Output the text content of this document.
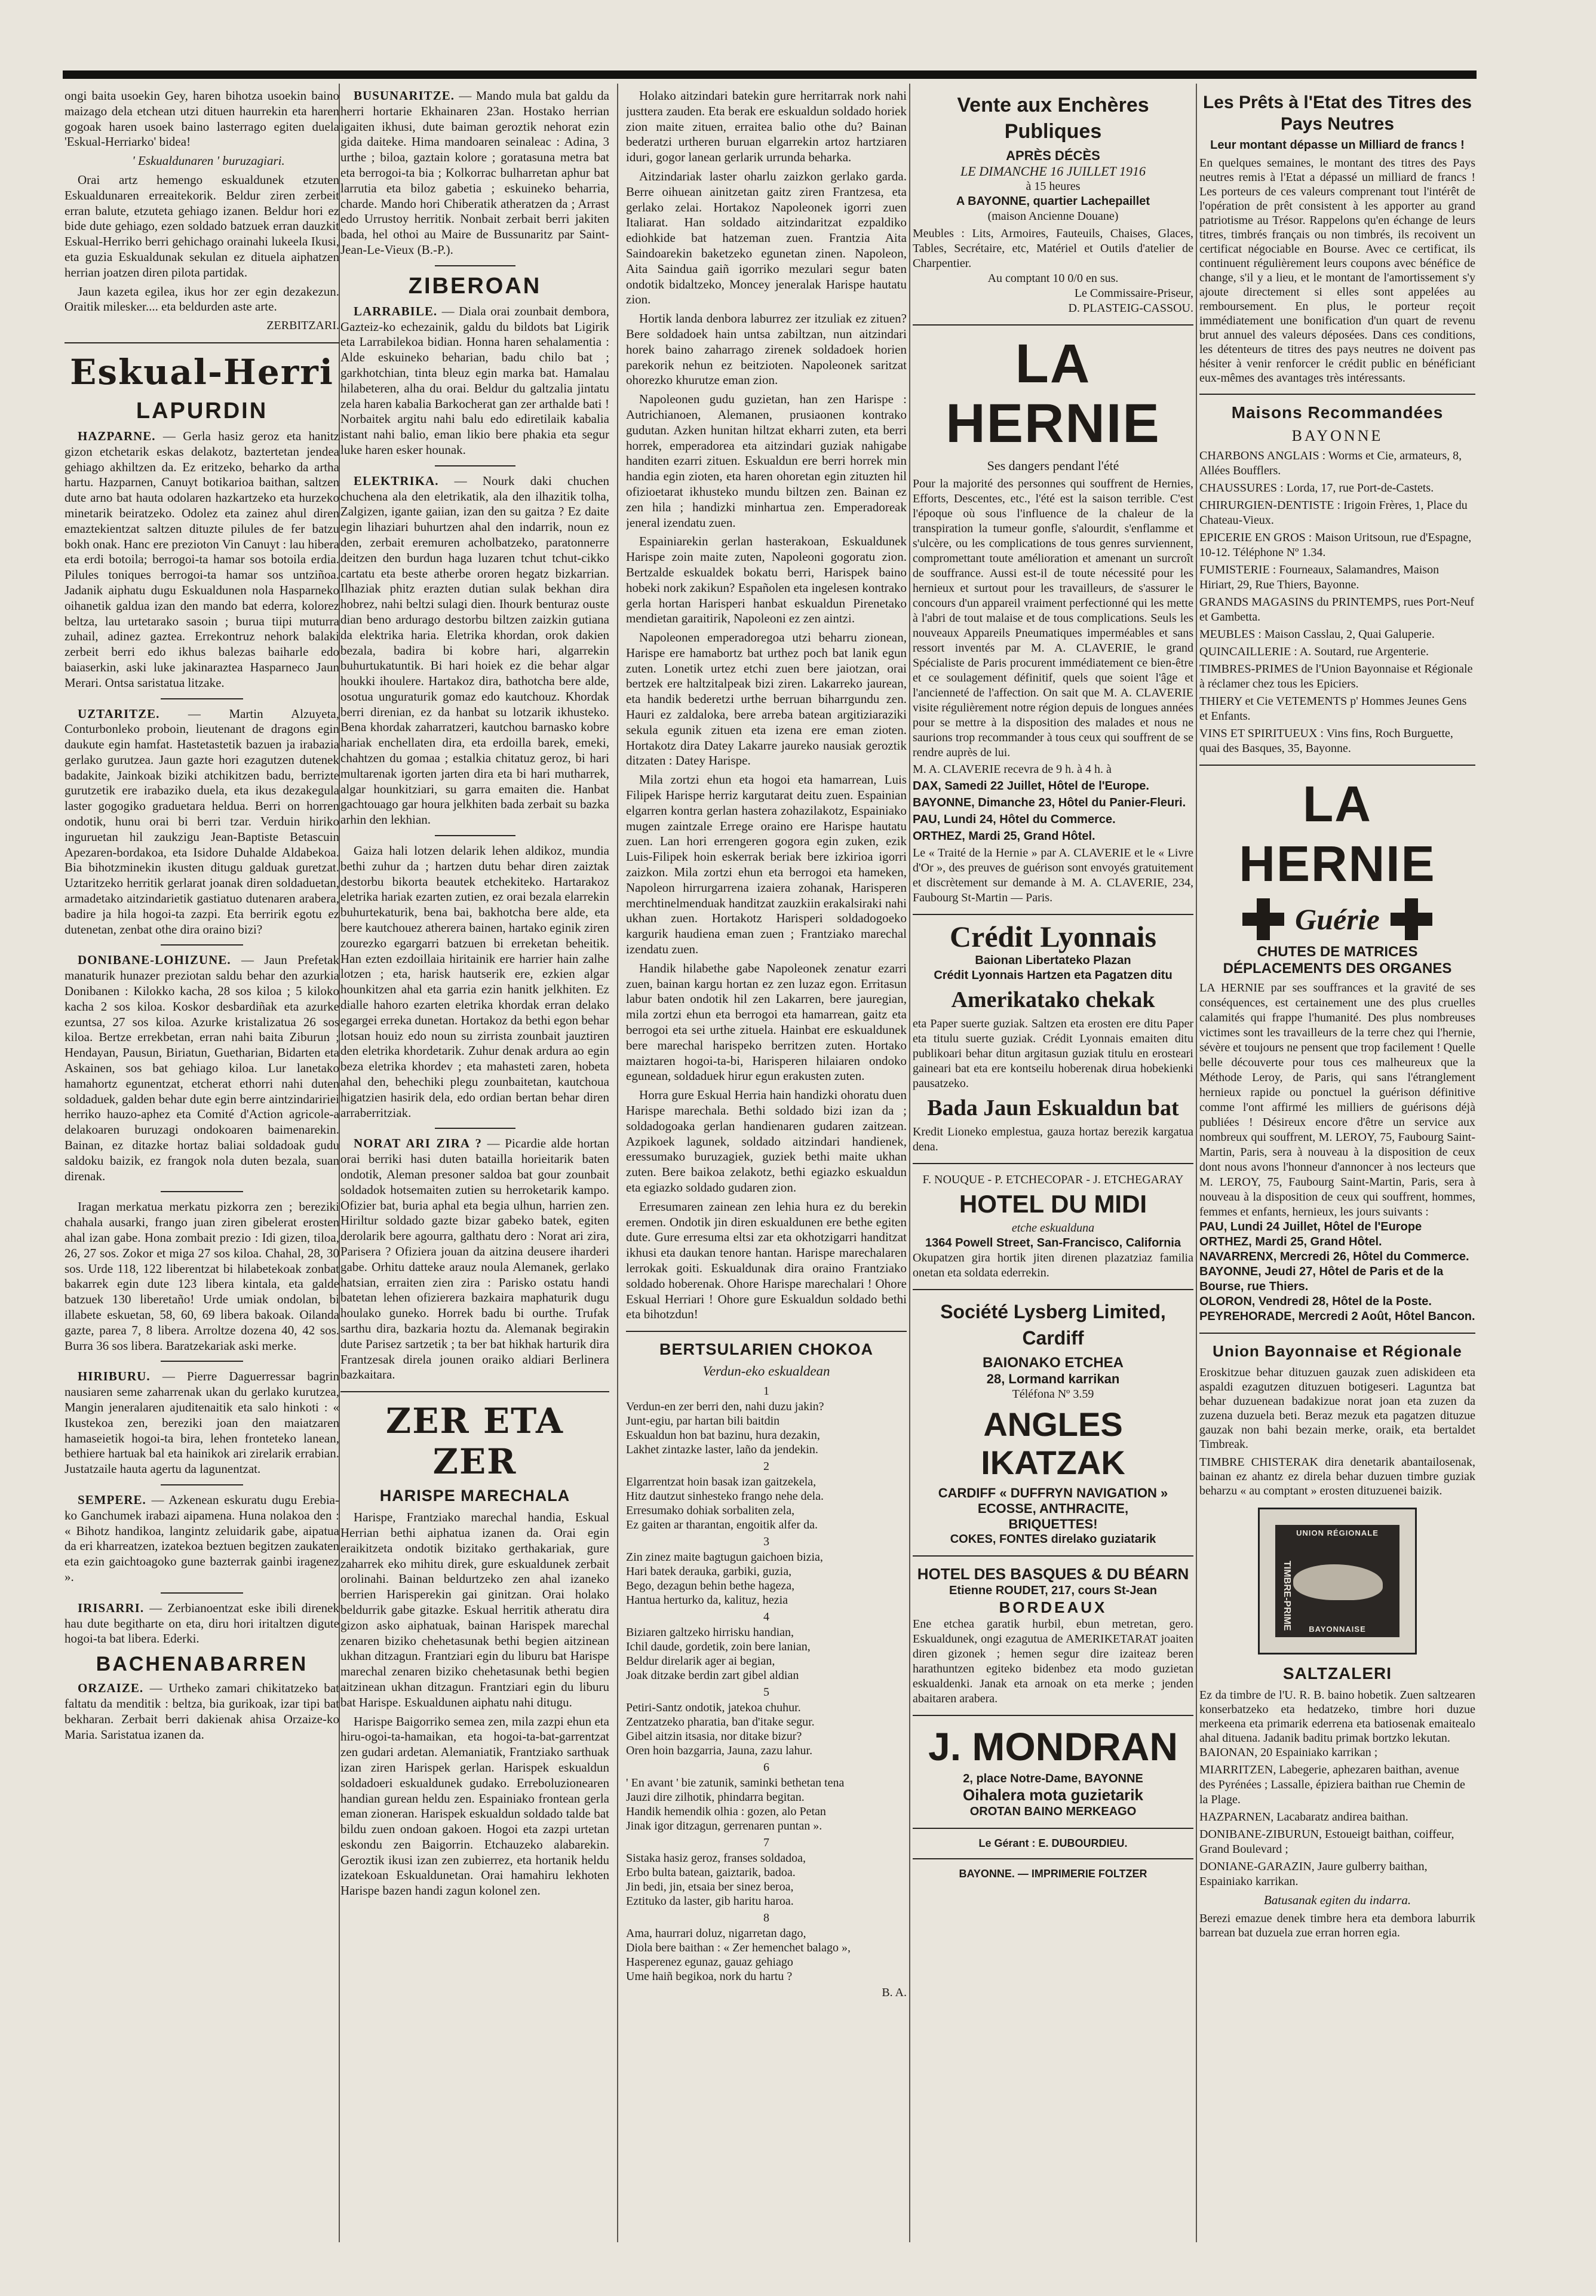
ongi baita usoekin Gey, haren bihotza usoekin baino maizago dela etchean utzi dituen haurrekin eta haren gogoak haren usoek baino lasterrago egiten duela 'Eskual-Herriarko' bidea!

' Eskualdunaren ' buruzagiari.

Orai artz hemengo eskualdunek etzuten Eskualdunaren erreaitekorik. Beldur ziren zerbeit erran balute, etzuteta gehiago izanen. Beldur hori ez bide dute gehiago, ezen soldado batzuek erran dauzkit Eskual-Herriko berri gehichago orainahi lukeela Ikusi, eta guzia Eskualdunak sekulan ez dituela aiphatzen herrian joatzen diren pilota partidak.

Jaun kazeta egilea, ikus hor zer egin dezakezun. Oraitik milesker.... eta beldurden aste arte.

ZERBITZARI.
Eskual-Herri
LAPURDIN

HAZPARNE. — Gerla hasiz geroz eta hanitz gizon etchetarik eskas delakotz, baztertetan jendea gehiago akhiltzen da. Ez eritzeko, beharko da artha hartu. Hazparnen, Canuyt botikarioa baithan, saltzen dute arno bat hauta odolaren hazkartzeko eta hurzeko minetarik beiratzeko. Odolez eta zainez ahul diren emaztekientzat saltzen dituzte pilules de fer batzu bokh onak. Hanc ere prezioton Vin Canuyt : lau hibera eta erdi botoila; berrogoi-ta hamar sos botoila erdia. Pilules toniques berrogoi-ta hamar sos untziñoa. Jadanik aiphatu dugu Eskualdunen nola Hasparneko oihanetik galdua izan den mando bat ederra, kolorez beltza, lau urtetarako sasoin ; burua tiipi muturra zuhail, adinez gaztea. Errekontruz nehork balaki zerbeit berri edo ikhus balezas baiharle edo baiaserkin, aski luke jakinaraztea Hasparneco Jaun Merari. Ontsa saristatua litzake.

UZTARITZE. — Martin Alzuyeta, Conturbonleko proboin, lieutenant de dragons egin daukute egin hamfat. Hastetastetik bazuen ja irabazia gerlako gurutzea. Jaun gazte hori ezagutzen dutenek badakite, Jainkoak biziki atchikitzen badu, berrizte gurutzetik ere irabaziko duela, eta ikus dezakegula laster gogogiko graduetara heldua. Berri on horren ondotik, hunu orai bi berri tzar. Verduin hiriko inguruetan hil zaukzigu Jean-Baptiste Betascuin Apezaren-bordakoa, eta Isidore Duhalde Aldabekoa. Bia bihotzminekin ikusten ditugu galduak guretzat. Uztaritzeko herritik gerlarat joanak diren soldaduetan, armadetako aitzindarietik gastiatuo dutenaren arabera, badire ja hila hogoi-ta zazpi. Eta berririk egotu ez dutenetan, zenbat othe dira oraino bizi?

DONIBANE-LOHIZUNE. — Jaun Prefetak manaturik hunazer preziotan saldu behar den azurkia Donibanen : Kilokko kacha, 28 sos kiloa ; 5 kiloko kacha 2 sos kiloa. Koskor desbardiñak eta azurke ezuntsa, 27 sos kiloa. Azurke kristalizatua 26 sos kiloa. Bertze errekbetan, erran nahi baita Ziburun ; Hendayan, Pausun, Biriatun, Guetharian, Bidarten eta Askainen, sos bat gehiago kiloa. Lur lanetako hamahortz egunentzat, etcherat ethorri nahi duten soldaduek, galden behar dute egin berre aintzindaririei herriko hauzo-aphez eta Comité d'Action agricole-a delakoaren buruzagi ondokoaren baimenarekin. Bainan, ez ditazke hortaz baliai soldadoak gudu saldoku baizik, ez frangok nola duten bezala, suan direnak.

Iragan merkatua merkatu pizkorra zen ; bereziki chahala ausarki, frango juan ziren gibelerat erosten ahal izan gabe. Hona zombait prezio : Idi gizen, tiloa, 26, 27 sos. Zokor et miga 27 sos kiloa. Chahal, 28, 30 sos. Urde 118, 122 liberentzat bi hilabetekoak zonbat bakarrek egin dute 123 libera kintala, eta galde batzuek 130 liberetaño! Urde umiak ondolan, bi illabete eskuetan, 58, 60, 69 libera bakoak. Oilanda gazte, parea 7, 8 libera. Arroltze dozena 40, 42 sos. Burra 36 sos libera. Baratzekariak aski merke.

HIRIBURU. — Pierre Daguerressar bagrin nausiaren seme zaharrenak ukan du gerlako kurutzea, Mangin jeneralaren ajuditenaitik eta salo hinkoti : « Ikustekoa zen, bereziki joan den maiatzaren hamaseietik hogoi-ta bira, lehen fronteteko lanean, bethiere hartuak bal eta hainikok ari zirelarik errabian. Justatzaile hauta agertu da lagunentzat.

SEMPERE. — Azkenean eskuratu dugu Erebia-ko Ganchumek irabazi aipamena. Huna nolakoa den : « Bihotz handikoa, langintz zeluidarik gabe, aipatua da eri kharreatzen, izatekoa beztuen begitzen zaukaten eta ezin gaichtoagoko gune bazterrak gainbi iragenez ».

IRISARRI. — Zerbianoentzat eske ibili direnek hau dute begitharte on eta, diru hori iritaltzen digute hogoi-ta bat libera. Ederki.

BACHENABARREN

ORZAIZE. — Urtheko zamari chikitatzeko bat faltatu da menditik : beltza, bia gurikoak, izar tipi bat bekharan. Zerbait berri dakienak ahisa Orzaize-ko Maria. Saristatua izanen da.

BUSUNARITZE. — Mando mula bat galdu da herri hortarie Ekhainaren 23an. Hostako herrian igaiten ikhusi, dute baiman geroztik nehorat ezin gida daiteke. Hima mandoaren seinaleac : Adina, 3 urthe ; biloa, gaztain kolore ; goratasuna metra bat eta berrogoi-ta bia ; Kolkorrac bulharretan aphur bat larrutia eta biloz gabetia ; eskuineko beharria, charde. Mando hori Chiberatik atheratzen da ; Arrast edo Urrustoy herritik. Nonbait zerbait berri jakiten bada, hel othoi au Maire de Bussunaritz par Saint-Jean-Le-Vieux (B.-P.).

ZIBEROAN

LARRABILE. — Diala orai zounbait dembora, Gazteiz-ko echezainik, galdu du bildots bat Ligirik eta Larrabilekoa bidian. Honna haren sehalamentia : Alde eskuineko beharian, badu chilo bat ; garkhotchian, tinta bleuz egin marka bat. Hamalau hilabeteren, alha du orai. Beldur du galtzalia jintatu zela haren kabalia Barkocherat gan zer arthalde bati ! Norbaitek argitu nahi balu edo ediretilaik kabalia istant nahi balio, eman likio bere phakia eta segur luke haren esker hounak.

ELEKTRIKA. — Nourk daki chuchen chuchena ala den eletrikatik, ala den ilhazitik tolha, Zalgizen, igante gaiian, izan den su gaitza ? Ez daite egin lihaziari buhurtzen ahal den indarrik, noun ez den, zerbait eremuren acholbatzeko, paratonnerre deitzen den burdun haga luzaren tchut tchut-cikko cartatu eta beste atherbe ororen hegatz bizkarrian. Ilhaziak phitz erazten dutian sulak bekhan dira hobrez, nahi beltzi sulagi dien. Ihourk benturaz ouste dian beno ardurago destorbu biltzen zaizkin gutiana da elektrika haria. Eletrika khordan, orok dakien bezala, badira bi kobre hari, algarrekin buhurtukatuntik. Bi hari hoiek ez die behar algar houkki ihoulere. Hartakoz dira, bathotcha bere alde, osotua unguraturik gomaz edo kautchouz. Khordak berri direnian, ez da hanbat su lotzarik ikhusteko. Bena khordak zaharratzeri, kautchou barnasko kobre hariak enchellaten dira, eta erdoilla barek, emeki, chahtzen du gomaa ; estalkia chitatuz geroz, bi hari multarenak igorten jarten dira eta bi hari mutharrek, algar hounkitziari, su garra emaiten die. Hanbat gachtouago gar houra jelkhiten bada zerbait su bazka arhin den lekhian.

Gaiza hali lotzen delarik lehen aldikoz, mundia bethi zuhur da ; hartzen dutu behar diren zaiztak destorbu bikorta beautek etchekiteko. Hartarakoz eletrika hariak ezarten zutien, ez orai bezala elarrekin buhurtekaturik, bena bai, bakhotcha bere alde, eta bere kautchouez atherera bainen, hartako eginik ziren zourezko egargarri batzuen bi erreketan beheitik. Han ezten ezdoillaia hiritainik ere harrier hain zalhe lotzen ; eta, harisk hautserik ere, ezkien algar hounkitzen ahal eta garria ezin hanitk jelkhiten. Ez dialle hahoro ezarten eletrika khordak erran delako egargei erreka dunetan. Hortakoz da bethi egon behar lotsan houiz edo noun su zirrista zounbait jauztiren den eletrika khordetarik. Zuhur denak ardura ao egin beza eletrika khordev ; eta mahasteti zaren, hobeta ahal den, behechiki plegu zounbaitetan, kautchoua higatzien hasirik dela, edo ordian bertan behar diren arraberritziak.

NORAT ARI ZIRA ? — Picardie alde hortan orai berriki hasi duten batailla horieitarik baten ondotik, Aleman presoner saldoa bat gour zounbait soldadok hotsemaiten zutien su herroketarik kampo. Ofizier bat, buria aphal eta begia ulhun, harrien zen. Hiriltur soldado gazte bizar gabeko batek, egiten derolarik bere agourra, galthatu dero : Norat ari zira, Parisera ? Ofiziera jouan da aitzina deusere iharderi gabe. Orhitu datteke arauz noula Alemanek, gerlako hatsian, erraiten zien zira : Parisko ostatu handi batetan lehen ofizierera bazkaira maphaturik dugu houlako guneko. Horrek badu bi ourthe. Trufak sarthu dira, bazkaria hoztu da. Alemanak begirakin dute Parisez sartzetik ; ta ber bat hikhak harturik dira Frantzesak direla jounen oraiko aldiari Berlinera bazkaitara.

ZER ETA ZER
HARISPE MARECHALA

Harispe, Frantziako marechal handia, Eskual Herrian bethi aiphatua izanen da. Orai egin eraikitzeta ondotik bizitako gerthakariak, gure zaharrek eko mihitu direk, gure eskualdunek zerbait orolinahi. Bainan beldurtzeko zen ahal izaneko berrien Harisperekin gai ginitzan. Orai holako beldurrik gabe gitazke. Eskual herritik atheratu dira gizon asko aiphatuak, bainan Harispek marechal zenaren biziko chehetasunak bethi begien aitzinean ukhan ditzagun. Frantziari egin du liburu bat Harispe marechal zenaren biziko chehetasunak bethi begien aitzinean ukhan ditzagun. Frantziari egin du liburu bat Harispe. Eskualdunen aiphatu nahi ditugu.

Harispe Baigorriko semea zen, mila zazpi ehun eta hiru-ogoi-ta-hamaikan, eta hogoi-ta-bat-garrentzat zen gudari ardetan. Alemaniatik, Frantziako sarthuak izan ziren Harispek gerlan. Harispek eskualdun soldadoeri eskualdunek gudako. Erreboluzionearen handian gurean heldu zen. Espainiako frontean gerla eman zioneran. Harispek eskualdun soldado talde bat bildu zuen ondoan gakoen. Hogoi eta zazpi urtetan eskondu zen Baigorrin. Etchauzeko alabarekin. Geroztik ikusi izan zen zubierrez, eta hortanik heldu izatekoan Eskualdunetan. Orai hamahiru lekhoten Harispe bazen handi zagun kolonel zen.

Holako aitzindari batekin gure herritarrak nork nahi justtera zauden. Eta berak ere eskualdun soldado horiek zion maite zituen, erraitea balio othe du? Bainan bederatzi urtheren buruan elgarrekin artoz hartziaren iduri, gogor lanean gerlarik urrunda beharka.

Aitzindariak laster oharlu zaizkon gerlako garda. Berre oihuean ainitzetan gaitz ziren Frantzesa, eta gerlako zelai. Hortakoz Napoleonek igorri zuen Italiarat. Han soldado aitzindaritzat ezpaldiko ediohkide bat hatzeman zuen. Frantzia Aita Saindoarekin baketzeko egunetan zinen. Napoleon, Aita Saindua gaiñ igorriko mezulari segur baten ondotik bidaltzeko, Moncey jeneralak Harispe hautatu zion.

Hortik landa denbora laburrez zer itzuliak ez zituen? Bere soldadoek hain untsa zabiltzan, nun aitzindari horek baino zaharrago zirenek soldadoek horien parekorik nehun ez beitzioten. Napoleonek saritzat ohorezko khurutze eman zion.

Napoleonen gudu guzietan, han zen Harispe : Autrichianoen, Alemanen, prusiaonen kontrako gudutan. Azken hunitan hiltzat ekharri zuten, eta berri horrek, emperadorea eta aitzindari guziak nahigabe handiten ezarri zituen. Eskualdun ere berri horrek min handia egin zioten, eta haren ohoretan egin zituzten hil ofizioetarat ikhusteko mundu biltzen zen. Bainan ez zen hila ; handizki minhartua zen. Emperadoreak jeneral izendatu zuen.

Espainiarekin gerlan hasterakoan, Eskualdunek Harispe zoin maite zuten, Napoleoni gogoratu zion. Bertzalde eskualdek bokatu berri, Harispek baino hobeki nork zakikun? Españolen eta ingelesen kontrako gerla hortan Harisperi hanbat eskualdun Pirenetako mendietan garaitirik, Napoleoni ez zen aintzi.

Napoleonen emperadoregoa utzi beharru zionean, Harispe ere hamabortz bat urthez poch bat lanik egun zuten. Lonetik urtez etchi zuen bere jaiotzan, orai bertzek ere haltzitalpeak bizi ziren. Lakarreko jaurean, eta handik bederetzi urthe berruan biharrgundu zen. Hauri ez zaldaloka, bere arreba batean argitiziaraziki sekula egunik zituen eta izena ere eman zioten. Hortakotz dira Datey Lakarre jaureko nausiak geroztik ditzaten : Datey Harispe.

Mila zortzi ehun eta hogoi eta hamarrean, Luis Filipek Harispe herriz kargutarat deitu zuen. Espainian elgarren kontra gerlan hastera zohazilakotz, Espainiako mugen zaintzale Errege oraino ere Harispe hautatu zuen. Lan hori errengeren gogora egin zuken, ezik Luis-Filipek hoin eskerrak beriak bere izkirioa igorri zaizkon. Mila zortzi ehun eta berrogoi eta hameken, Napoleon hirrurgarrena izaiera zohanak, Harisperen merchtinelmenduak handitzat zauzkiin erakalsiraki nahi ukhan zuen. Hortakotz Harisperi soldadogoeko kargurik haudiena eman zuen ; Frantziako marechal izendatu zuen.

Handik hilabethe gabe Napoleonek zenatur ezarri zuen, bainan kargu hortan ez zen luzaz egon. Erritasun labur baten ondotik hil zen Lakarren, bere jauregian, mila zortzi ehun eta berrogoi eta hamarrean, gaitz eta berrogoi eta sei urthe zituela. Hainbat ere eskualdunek bere marechal harispeko berritzen zuten. Hortako maiztaren hogoi-ta-bi, Harisperen hilaiaren ondoko egunean, soldaduek hirur egun erakusten zuten.

Horra gure Eskual Herria hain handizki ohoratu duen Harispe marechala. Bethi soldado bizi izan da ; soldadogoaka gerlan handienaren gudaren zaitzean. Azpikoek lagunek, soldado aitzindari handienek, eressumako buruzagiek, guziek bethi maite ukhan zuten. Bere baikoa zelakotz, bethi egiazko eskualdun eta egiazko soldado gudaren zion.

Erresumaren zainean zen lehia hura ez du berekin eremen. Ondotik jin diren eskualdunen ere bethe egiten dute. Gure erresuma eltsi zar eta okhotzigarri handitzat ikhusi eta daukan tenore hantan. Harispe marechalaren lerrokak goiti. Eskualdunak dira oraino Frantziako soldado hoberenak. Ohore Harispe marechalari ! Ohore Eskual Herriari ! Ohore gure Eskualdun soldado bethi eta bihotzdun!

BERTSULARIEN CHOKOA
Verdun-eko eskualdean
1
Verdun-en zer berri den, nahi duzu jakin?
Junt-egiu, par hartan bili baitdin
Eskualdun hon bat bazinu, hura dezakin,
Lakhet zintazke laster, laño da jendekin.
2
Elgarrentzat hoin basak izan gaitzekela,
Hitz dautzut sinhesteko frango nehe dela.
Erresumako dohiak sorbaliten zela,
Ez gaiten ar tharantan, engoitik alfer da.
3
Zin zinez maite bagtugun gaichoen bizia,
Hari batek derauka, garbiki, guzia,
Bego, dezagun behin bethe hageza,
Hantua herturko da, kalituz, hezia
4
Biziaren galtzeko hirrisku handian,
Ichil daude, gordetik, zoin bere lanian,
Beldur direlarik ager ai begian,
Joak ditzake berdin zart gibel aldian
5
Petiri-Santz ondotik, jatekoa chuhur.
Zentzatzeko pharatia, ban d'itake segur.
Gibel aitzin itsasia, nor ditake bizur?
Oren hoin bazgarria, Jauna, zazu lahur.
6
' En avant ' bie zatunik, saminki bethetan tena
Jauzi dire zilhotik, phindarra begitan.
Handik hemendik olhia : gozen, alo Petan
Jinak igor ditzagun, gerrenaren puntan ».
7
Sistaka hasiz geroz, franses soldadoa,
Erbo bulta batean, gaiztarik, badoa.
Jin bedi, jin, etsaia ber sinez beroa,
Eztituko da laster, gib haritu haroa.
8
Ama, haurrari doluz, nigarretan dago,
Diola bere baithan : « Zer hemenchet balago »,
Hasperenez egunaz, gauaz gehiago
Ume haiñ begikoa, nork du hartu ?
B. A.
Vente aux Enchères Publiques
APRÈS DÉCÈS
LE DIMANCHE 16 JUILLET 1916
à 15 heures
A BAYONNE, quartier Lachepaillet
(maison Ancienne Douane)
Meubles : Lits, Armoires, Fauteuils, Chaises, Glaces, Tables, Secrétaire, etc, Matériel et Outils d'atelier de Charpentier.
Au comptant 10 0/0 en sus.
Le Commissaire-Priseur,
D. PLASTEIG-CASSOU.
LA HERNIE
Ses dangers pendant l'été
Pour la majorité des personnes qui souffrent de Hernies, Efforts, Descentes, etc., l'été est la saison terrible. C'est l'époque où sous l'influence de la chaleur de la transpiration la tumeur gonfle, s'alourdit, s'enflamme et s'ulcère, ou les complications de tous genres surviennent, compromettant toute amélioration et amenant un surcroît de souffrance. Aussi est-il de toute nécessité pour les hernieux et surtout pour les travailleurs, de s'assurer le concours d'un appareil vraiment perfectionné qui les mette à l'abri de tout malaise et de tous complications. Seuls les nouveaux Appareils Pneumatiques imperméables et sans ressort inventés par M. A. CLAVERIE, le grand Spécialiste de Paris procurent immédiatement ce bien-être et ce soulagement définitif, quels que soient l'âge et l'ancienneté de l'affection. On sait que M. A. CLAVERIE visite régulièrement notre région depuis de longues années pour se mettre à la disposition des malades et nous ne saurions trop recommander à tous ceux qui souffrent de se rendre auprès de lui.
M. A. CLAVERIE recevra de 9 h. à 4 h. à
DAX, Samedi 22 Juillet, Hôtel de l'Europe.
BAYONNE, Dimanche 23, Hôtel du Panier-Fleuri.
PAU, Lundi 24, Hôtel du Commerce.
ORTHEZ, Mardi 25, Grand Hôtel.
Le « Traité de la Hernie » par A. CLAVERIE et le « Livre d'Or », des preuves de guérison sont envoyés gratuitement et discrètement sur demande à M. A. CLAVERIE, 234, Faubourg St-Martin — Paris.
Crédit Lyonnais
Baionan Libertateko Plazan
Crédit Lyonnais Hartzen eta Pagatzen ditu
Amerikatako chekak
eta Paper suerte guziak. Saltzen eta erosten ere ditu Paper eta titulu suerte guziak. Crédit Lyonnais emaiten ditu publikoari behar ditun argitasun guziak titulu en erosteari gaineari bat eta ere kontseilu hoberenak dirua hobekienki pausatzeko.
Bada Jaun Eskualdun bat
Kredit Lioneko emplestua, gauza hortaz berezik kargatua dena.
F. NOUQUE - P. ETCHECOPAR - J. ETCHEGARAY
HOTEL DU MIDI
etche eskualduna
1364 Powell Street, San-Francisco, California
Okupatzen gira hortik jiten direnen plazatziaz familia onetan eta soldata ederrekin.
Société Lysberg Limited, Cardiff
BAIONAKO ETCHEA
28, Lormand karrikan
Téléfona Nº 3.59
ANGLES IKATZAK
CARDIFF « DUFFRYN NAVIGATION »
ECOSSE, ANTHRACITE,
BRIQUETTES!
COKES, FONTES direlako guziatarik
HOTEL DES BASQUES & DU BÉARN
Etienne ROUDET, 217, cours St-Jean
BORDEAUX
Ene etchea garatik hurbil, ebun metretan, gero. Eskualdunek, ongi ezagutua de AMERIKETARAT joaiten diren gizonek ; hemen segur dire izaiteaz beren harathuntzen egiteko bidenbez eta modo guzietan eskualdenki. Janak eta arnoak on eta merke ; jenden abaitaren arabera.
J. MONDRAN
2, place Notre-Dame, BAYONNE
Oihalera mota guzietarik
OROTAN BAINO MERKEAGO
Le Gérant : E. DUBOURDIEU.
BAYONNE. — IMPRIMERIE FOLTZER
Les Prêts à l'Etat des Titres des Pays Neutres
Leur montant dépasse un Milliard de francs !
En quelques semaines, le montant des titres des Pays neutres remis à l'Etat a dépassé un milliard de francs ! Les porteurs de ces valeurs comprenant tout l'intérêt de l'opération de prêt consistent à les apporter au grand patriotisme au Trésor. Rappelons qu'en échange de leurs titres, timbrés français ou non timbrés, ils recoivent un certificat négociable en Bourse. Avec ce certificat, ils continuent régulièrement leurs coupons avec bénéfice de change, s'il y a lieu, et le montant de l'amortissement s'y ajoute directement si elles sont appelées au remboursement. En plus, le porteur reçoit immédiatement une bonification d'un quart de revenu brut annuel des valeurs déposées. Dans ces conditions, les détenteurs de titres des pays neutres ne doivent pas hésiter à venir renforcer le crédit public en bénéficiant eux-mêmes des avantages très intéressants.
Maisons Recommandées
BAYONNE
CHARBONS ANGLAIS : Worms et Cie, armateurs, 8, Allées Boufflers.
CHAUSSURES : Lorda, 17, rue Port-de-Castets.
CHIRURGIEN-DENTISTE : Irigoin Frères, 1, Place du Chateau-Vieux.
EPICERIE EN GROS : Maison Uritsoun, rue d'Espagne, 10-12. Téléphone Nº 1.34.
FUMISTERIE : Fourneaux, Salamandres, Maison Hiriart, 29, Rue Thiers, Bayonne.
GRANDS MAGASINS du PRINTEMPS, rues Port-Neuf et Gambetta.
MEUBLES : Maison Casslau, 2, Quai Galuperie.
QUINCAILLERIE : A. Soutard, rue Argenterie.
TIMBRES-PRIMES de l'Union Bayonnaise et Régionale à réclamer chez tous les Epiciers.
THIERY et Cie VETEMENTS p' Hommes Jeunes Gens et Enfants.
VINS ET SPIRITUEUX : Vins fins, Roch Burguette, quai des Basques, 35, Bayonne.
LA HERNIE
Guérie
CHUTES DE MATRICES DÉPLACEMENTS DES ORGANES
LA HERNIE par ses souffrances et la gravité de ses conséquences, est certainement une des plus cruelles calamités qui frappe l'humanité. Des plus nombreuses victimes sont les travailleurs de la terre chez qui l'hernie, sévère et toujours ne pensent que trop facilement ! Quelle belle découverte pour tous ces malheureux que la Méthode Leroy, de Paris, qui sans l'étranglement hernieux rapide ou ponctuel la guérison définitive comme l'ont affirmé les milliers de guérisons déjà publiées ! Désireux encore d'être un service aux nombreux qui souffrent, M. LEROY, 75, Faubourg Saint-Martin, Paris, sera à nouveau à la disposition de ceux dont nous avons l'honneur d'annoncer à nos lecteurs que M. LEROY, 75, Faubourg Saint-Martin, Paris, sera à nouveau à la disposition de ceux qui souffrent, hommes, femmes et enfants, hernieux, les jours suivants :
PAU, Lundi 24 Juillet, Hôtel de l'Europe
ORTHEZ, Mardi 25, Grand Hôtel.
NAVARRENX, Mercredi 26, Hôtel du Commerce.
BAYONNE, Jeudi 27, Hôtel de Paris et de la Bourse, rue Thiers.
OLORON, Vendredi 28, Hôtel de la Poste.
PEYREHORADE, Mercredi 2 Août, Hôtel Bancon.
Union Bayonnaise et Régionale
Eroskitzue behar dituzuen gauzak zuen adiskideen eta aspaldi ezagutzen dituzuen botigeseri. Laguntza bat behar duzuenean badakizue norat joan eta zuzen da zuzena duzuela beti. Beraz mezuk eta pagatzen dituzue gauzak non bahi bezain merke, oraik, eta bertaldet Timbreak.
TIMBRE CHISTERAK dira denetarik abantailosenak, bainan ez ahantz ez direla behar duzuen timbre guziak beharzu « au comptant » erosten dituzuenei baizik.
UNION RÉGIONALE
TIMBRE-PRIME	BAYONNAISE
SALTZALERI
Ez da timbre de l'U. R. B. baino hobetik. Zuen saltzearen konserbatzeko eta hedatzeko, timbre hori duzue merkeena eta primarik ederrena eta batiosenak emaitealo ahal dituena. Jadanik baditu primak bortzko lekutan.
BAIONAN, 20 Espainiako karrikan ;
MIARRITZEN, Labegerie, aphezaren baithan, avenue des Pyrénées ; Lassalle, épiziera baithan rue Chemin de la Plage.
HAZPARNEN, Lacabaratz andirea baithan.
DONIBANE-ZIBURUN, Estoueigt baithan, coiffeur, Grand Boulevard ;
DONIANE-GARAZIN, Jaure gulberry baithan, Espainiako karrikan.
Batusanak egiten du indarra.
Berezi emazue denek timbre hera eta dembora laburrik barrean bat duzuela zue erran horren egia.
